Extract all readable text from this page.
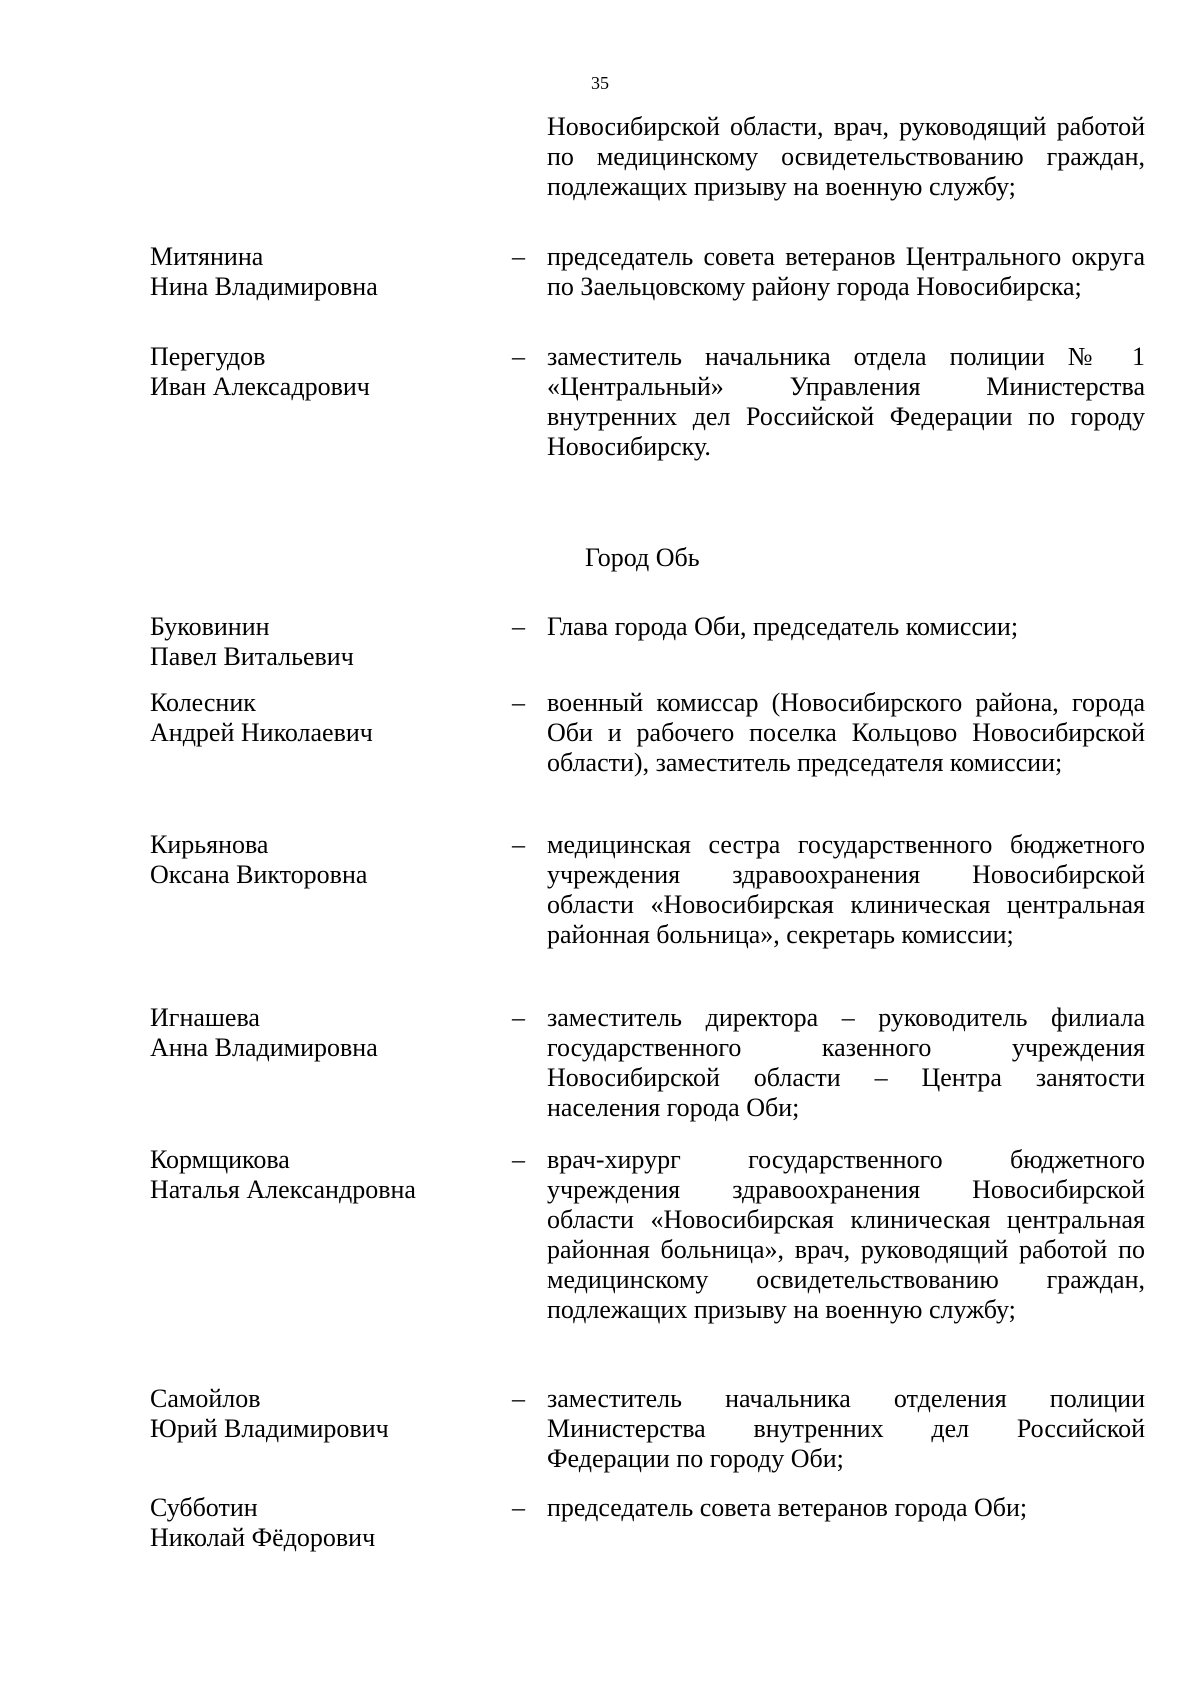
35
Новосибирской области, врач, руководящий работой по медицинскому освидетельствованию граждан, подлежащих призыву на военную службу;
Митянина
Нина Владимировна
– председатель совета ветеранов Центрального округа по Заельцовскому району города Новосибирска;
Перегудов
Иван Алексадрович
– заместитель начальника отдела полиции № 1 «Центральный» Управления Министерства внутренних дел Российской Федерации по городу Новосибирску.
Город Обь
Буковинин
Павел Витальевич
– Глава города Оби, председатель комиссии;
Колесник
Андрей Николаевич
– военный комиссар (Новосибирского района, города Оби и рабочего поселка Кольцово Новосибирской области), заместитель председателя комиссии;
Кирьянова
Оксана Викторовна
– медицинская сестра государственного бюджетного учреждения здравоохранения Новосибирской области «Новосибирская клиническая центральная районная больница», секретарь комиссии;
Игнашева
Анна Владимировна
– заместитель директора – руководитель филиала государственного казенного учреждения Новосибирской области – Центра занятости населения города Оби;
Кормщикова
Наталья Александровна
– врач-хирург государственного бюджетного учреждения здравоохранения Новосибирской области «Новосибирская клиническая центральная районная больница», врач, руководящий работой по медицинскому освидетельствованию граждан, подлежащих призыву на военную службу;
Самойлов
Юрий Владимирович
– заместитель начальника отделения полиции Министерства внутренних дел Российской Федерации по городу Оби;
Субботин
Николай Фёдорович
– председатель совета ветеранов города Оби;
